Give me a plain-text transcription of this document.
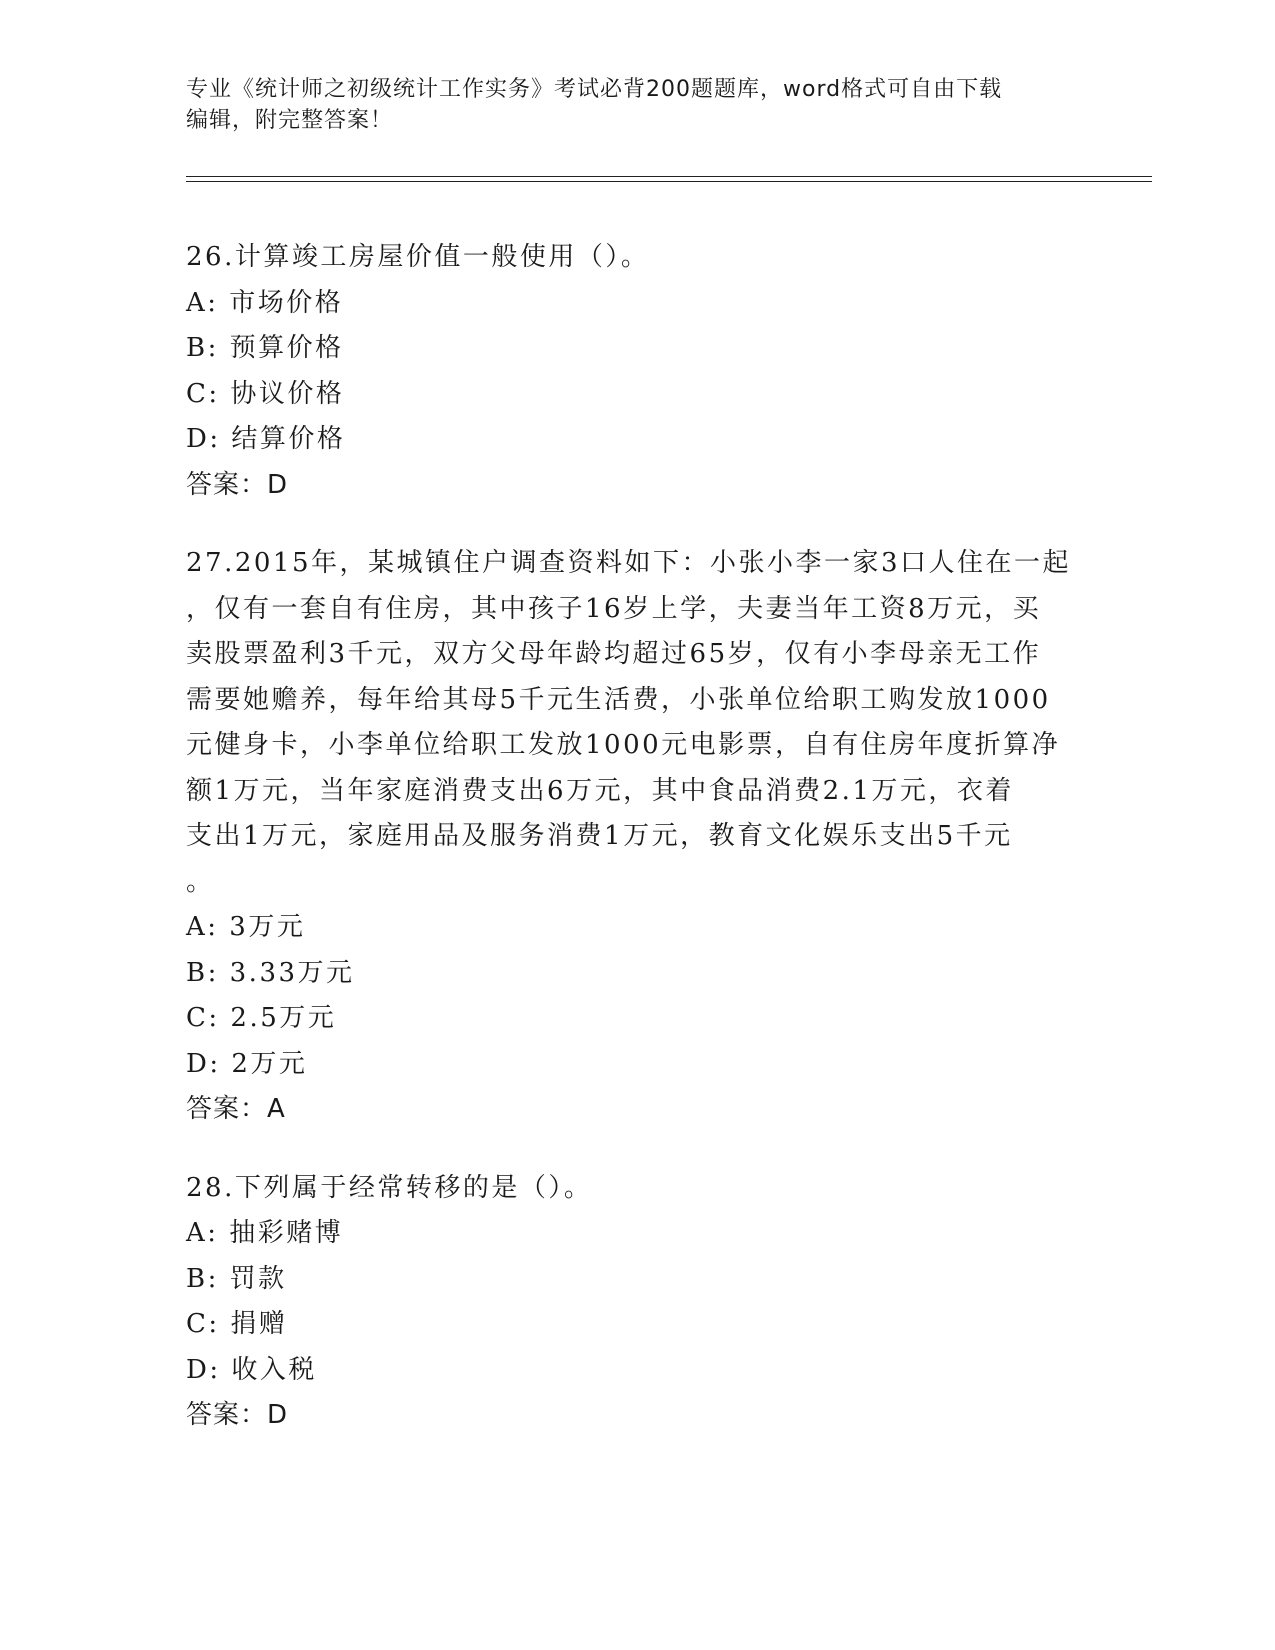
专业《统计师之初级统计工作实务》考试必背200题题库，word格式可自由下载
编辑，附完整答案！
26.计算竣工房屋价值一般使用（）。
A: 市场价格
B: 预算价格
C: 协议价格
D: 结算价格
答案：D
27.2015年，某城镇住户调查资料如下：小张小李一家3口人住在一起
，仅有一套自有住房，其中孩子16岁上学，夫妻当年工资8万元，买
卖股票盈利3千元，双方父母年龄均超过65岁，仅有小李母亲无工作
需要她赡养，每年给其母5千元生活费，小张单位给职工购发放1000
元健身卡，小李单位给职工发放1000元电影票，自有住房年度折算净
额1万元，当年家庭消费支出6万元，其中食品消费2.1万元，衣着
支出1万元，家庭用品及服务消费1万元，教育文化娱乐支出5千元
。
A: 3万元
B: 3.33万元
C: 2.5万元
D: 2万元
答案：A
28.下列属于经常转移的是（）。
A: 抽彩赌博
B: 罚款
C: 捐赠
D: 收入税
答案：D
